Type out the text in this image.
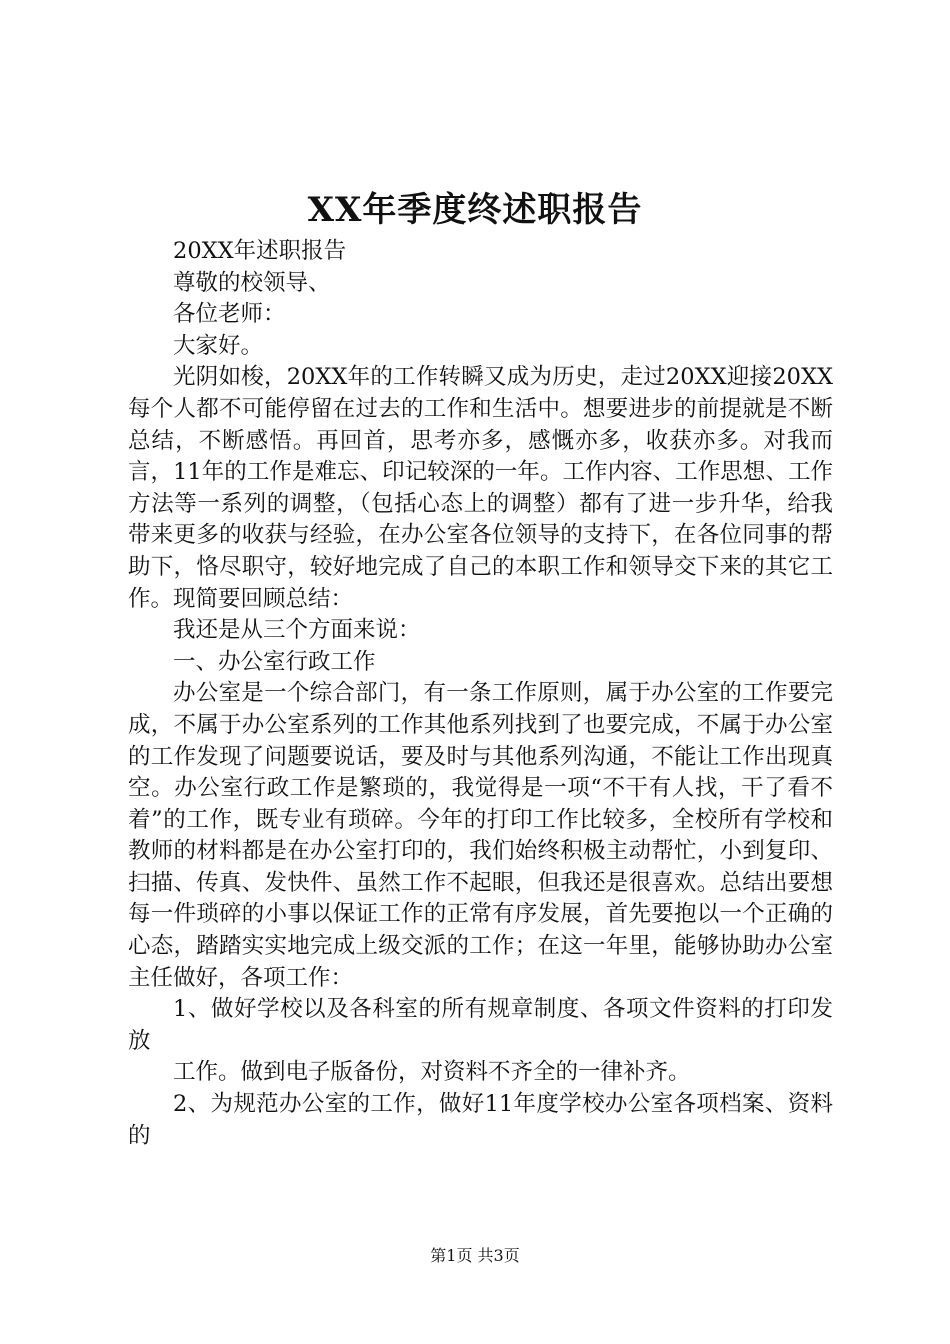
XX年季度终述职报告

20XX年述职报告

尊敬的校领导、

各位老师：

大家好。

光阴如梭，20XX年的工作转瞬又成为历史，走过20XX迎接20XX每个人都不可能停留在过去的工作和生活中。想要进步的前提就是不断总结，不断感悟。再回首，思考亦多，感慨亦多，收获亦多。对我而言，11年的工作是难忘、印记较深的一年。工作内容、工作思想、工作方法等一系列的调整，（包括心态上的调整）都有了进一步升华，给我带来更多的收获与经验，在办公室各位领导的支持下，在各位同事的帮助下，恪尽职守，较好地完成了自己的本职工作和领导交下来的其它工作。现简要回顾总结：

我还是从三个方面来说：

一、办公室行政工作

办公室是一个综合部门，有一条工作原则，属于办公室的工作要完成，不属于办公室系列的工作其他系列找到了也要完成，不属于办公室的工作发现了问题要说话，要及时与其他系列沟通，不能让工作出现真空。办公室行政工作是繁琐的，我觉得是一项“不干有人找，干了看不着”的工作，既专业有琐碎。今年的打印工作比较多，全校所有学校和教师的材料都是在办公室打印的，我们始终积极主动帮忙，小到复印、扫描、传真、发快件、虽然工作不起眼，但我还是很喜欢。总结出要想每一件琐碎的小事以保证工作的正常有序发展，首先要抱以一个正确的心态，踏踏实实地完成上级交派的工作；在这一年里，能够协助办公室主任做好，各项工作：

1、做好学校以及各科室的所有规章制度、各项文件资料的打印发放

工作。做到电子版备份，对资料不齐全的一律补齐。

2、为规范办公室的工作，做好11年度学校办公室各项档案、资料的

第1页 共3页
